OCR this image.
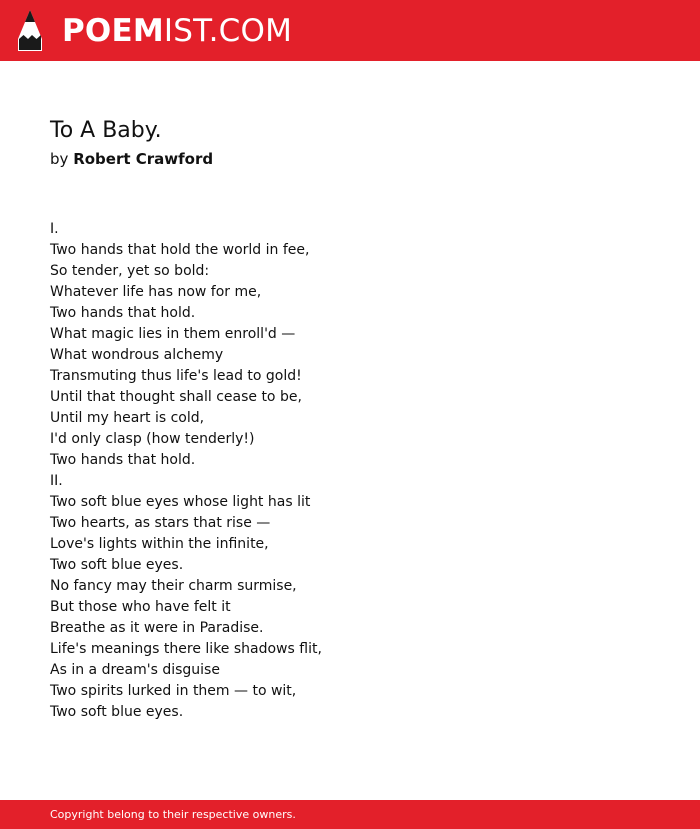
POEMIST.COM
To A Baby.
by Robert Crawford
I.
Two hands that hold the world in fee,
So tender, yet so bold:
Whatever life has now for me,
Two hands that hold.
What magic lies in them enroll'd —
What wondrous alchemy
Transmuting thus life's lead to gold!
Until that thought shall cease to be,
Until my heart is cold,
I'd only clasp (how tenderly!)
Two hands that hold.
II.
Two soft blue eyes whose light has lit
Two hearts, as stars that rise —
Love's lights within the infinite,
Two soft blue eyes.
No fancy may their charm surmise,
But those who have felt it
Breathe as it were in Paradise.
Life's meanings there like shadows flit,
As in a dream's disguise
Two spirits lurked in them — to wit,
Two soft blue eyes.
Copyright belong to their respective owners.
